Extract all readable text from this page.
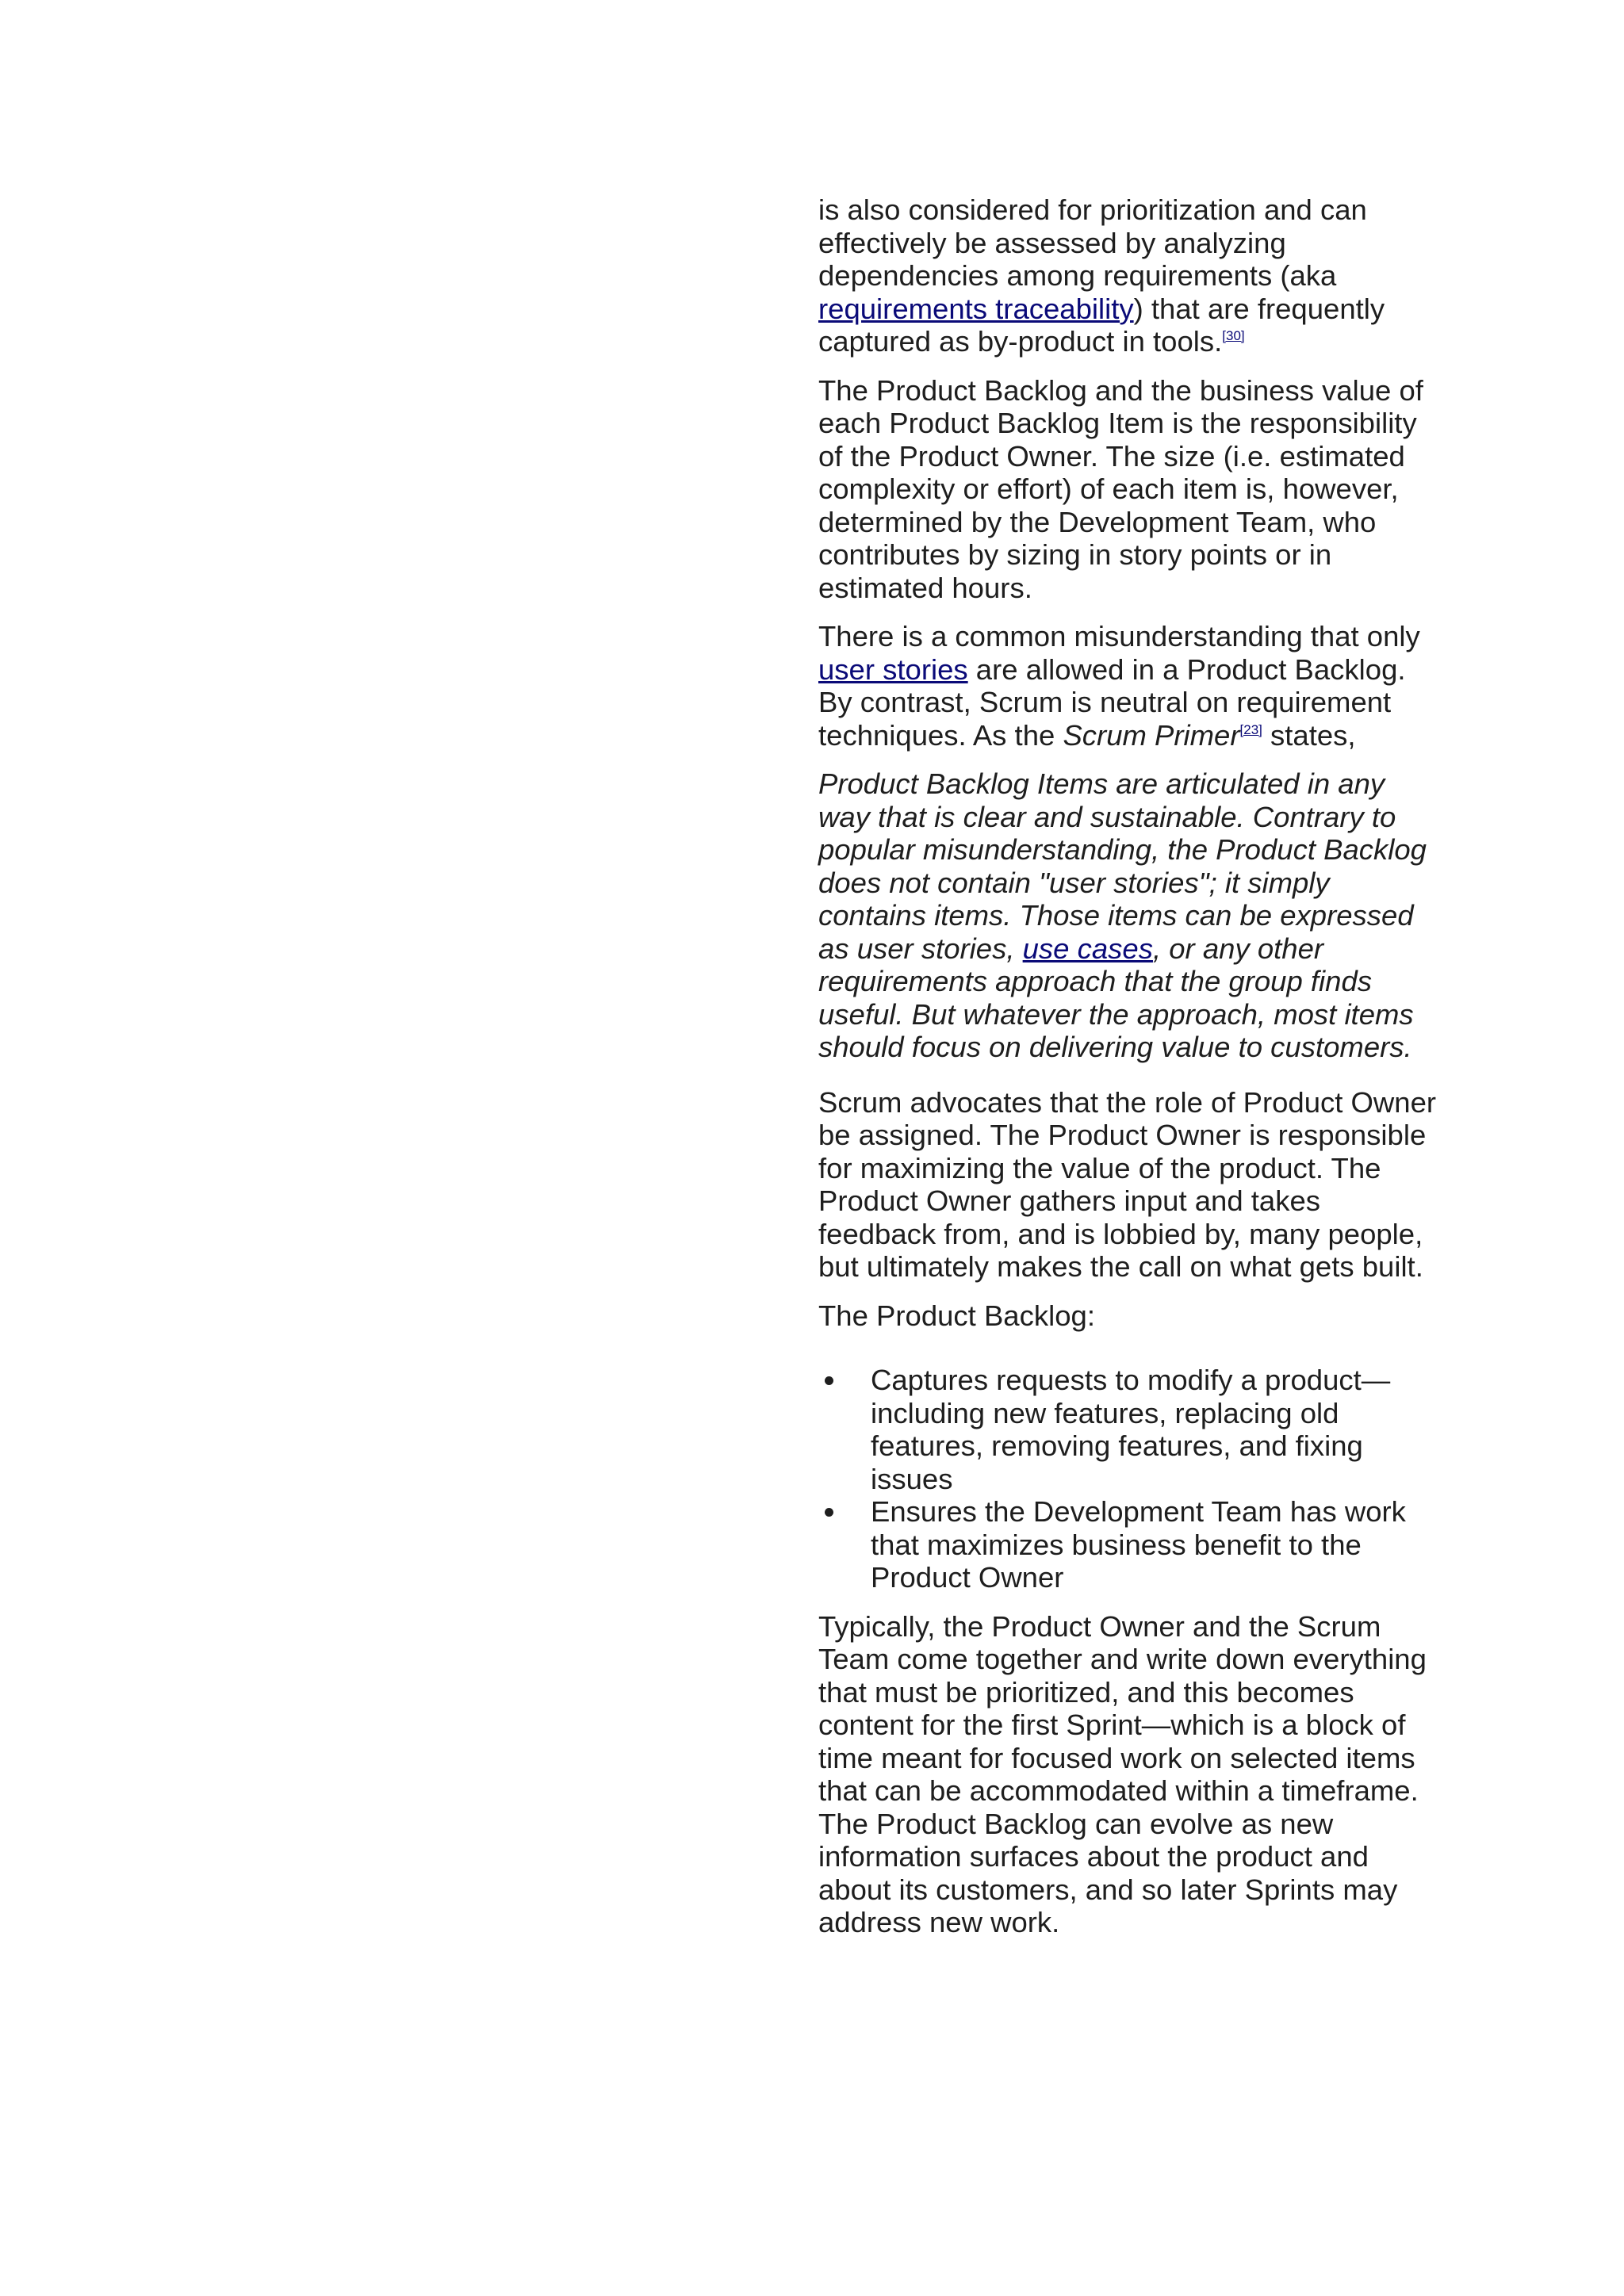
is also considered for prioritization and can effectively be assessed by analyzing dependencies among requirements (aka requirements traceability) that are frequently captured as by-product in tools.[30]

The Product Backlog and the business value of each Product Backlog Item is the responsibility of the Product Owner. The size (i.e. estimated complexity or effort) of each item is, however, determined by the Development Team, who contributes by sizing in story points or in estimated hours.

There is a common misunderstanding that only user stories are allowed in a Product Backlog. By contrast, Scrum is neutral on requirement techniques. As the Scrum Primer[23] states,

Product Backlog Items are articulated in any way that is clear and sustainable. Contrary to popular misunderstanding, the Product Backlog does not contain "user stories"; it simply contains items. Those items can be expressed as user stories, use cases, or any other requirements approach that the group finds useful. But whatever the approach, most items should focus on delivering value to customers.

Scrum advocates that the role of Product Owner be assigned. The Product Owner is responsible for maximizing the value of the product. The Product Owner gathers input and takes feedback from, and is lobbied by, many people, but ultimately makes the call on what gets built.

The Product Backlog:

Captures requests to modify a product—including new features, replacing old features, removing features, and fixing issues
Ensures the Development Team has work that maximizes business benefit to the Product Owner

Typically, the Product Owner and the Scrum Team come together and write down everything that must be prioritized, and this becomes content for the first Sprint—which is a block of time meant for focused work on selected items that can be accommodated within a timeframe. The Product Backlog can evolve as new information surfaces about the product and about its customers, and so later Sprints may address new work.
